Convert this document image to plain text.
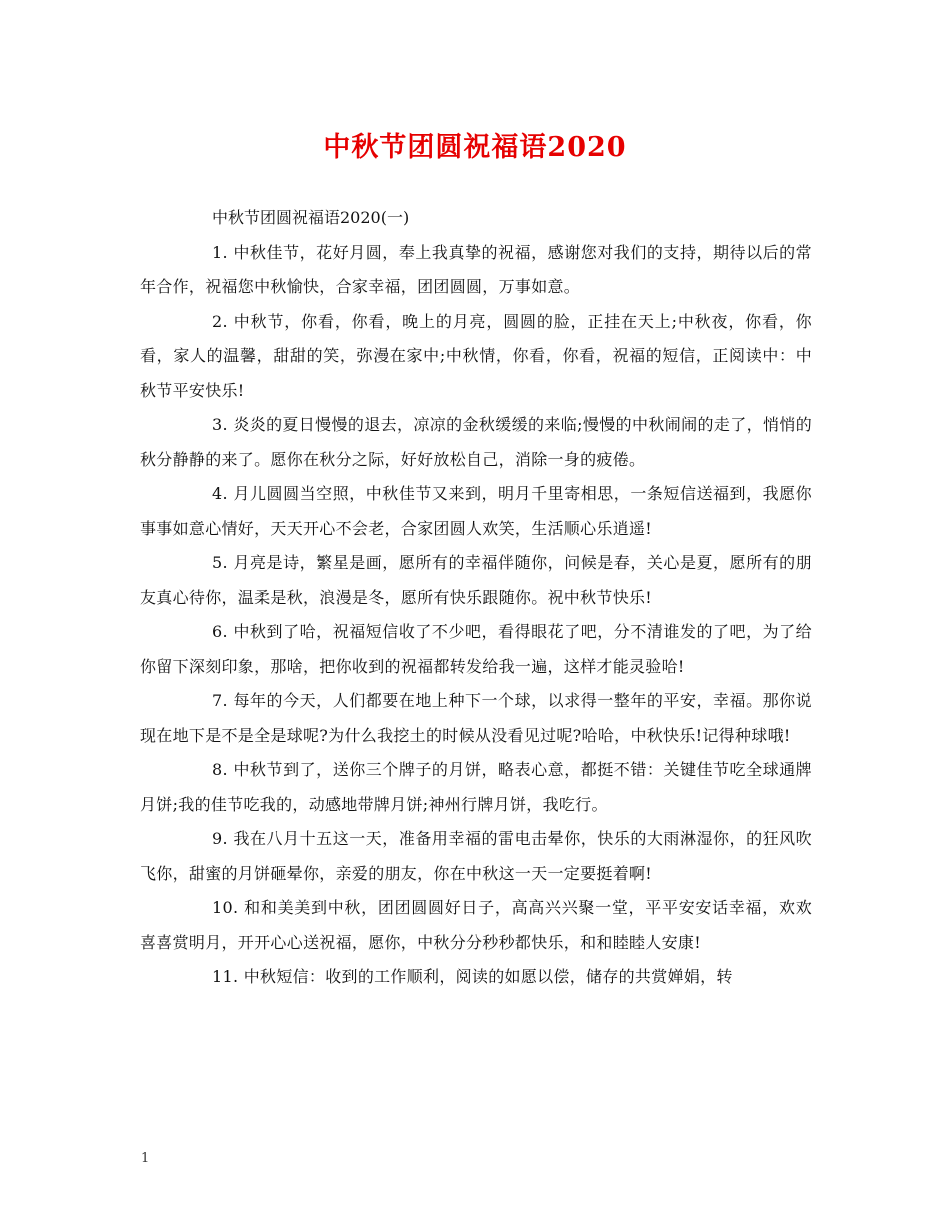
中秋节团圆祝福语2020

中秋节团圆祝福语2020(一)

1. 中秋佳节，花好月圆，奉上我真挚的祝福，感谢您对我们的支持，期待以后的常年合作，祝福您中秋愉快，合家幸福，团团圆圆，万事如意。

2. 中秋节，你看，你看，晚上的月亮，圆圆的脸，正挂在天上;中秋夜，你看，你看，家人的温馨，甜甜的笑，弥漫在家中;中秋情，你看，你看，祝福的短信，正阅读中：中秋节平安快乐!

3. 炎炎的夏日慢慢的退去，凉凉的金秋缓缓的来临;慢慢的中秋闹闹的走了，悄悄的秋分静静的来了。愿你在秋分之际，好好放松自己，消除一身的疲倦。

4. 月儿圆圆当空照，中秋佳节又来到，明月千里寄相思，一条短信送福到，我愿你事事如意心情好，天天开心不会老，合家团圆人欢笑，生活顺心乐逍遥!

5. 月亮是诗，繁星是画，愿所有的幸福伴随你，问候是春，关心是夏，愿所有的朋友真心待你，温柔是秋，浪漫是冬，愿所有快乐跟随你。祝中秋节快乐!

6. 中秋到了哈，祝福短信收了不少吧，看得眼花了吧，分不清谁发的了吧，为了给你留下深刻印象，那啥，把你收到的祝福都转发给我一遍，这样才能灵验哈!

7. 每年的今天，人们都要在地上种下一个球，以求得一整年的平安，幸福。那你说现在地下是不是全是球呢?为什么我挖土的时候从没看见过呢?哈哈，中秋快乐!记得种球哦!

8. 中秋节到了，送你三个牌子的月饼，略表心意，都挺不错：关键佳节吃全球通牌月饼;我的佳节吃我的，动感地带牌月饼;神州行牌月饼，我吃行。

9. 我在八月十五这一天，准备用幸福的雷电击晕你，快乐的大雨淋湿你，的狂风吹飞你，甜蜜的月饼砸晕你，亲爱的朋友，你在中秋这一天一定要挺着啊!

10. 和和美美到中秋，团团圆圆好日子，高高兴兴聚一堂，平平安安话幸福，欢欢喜喜赏明月，开开心心送祝福，愿你，中秋分分秒秒都快乐，和和睦睦人安康!

11. 中秋短信：收到的工作顺利，阅读的如愿以偿，储存的共赏婵娟，转

1
